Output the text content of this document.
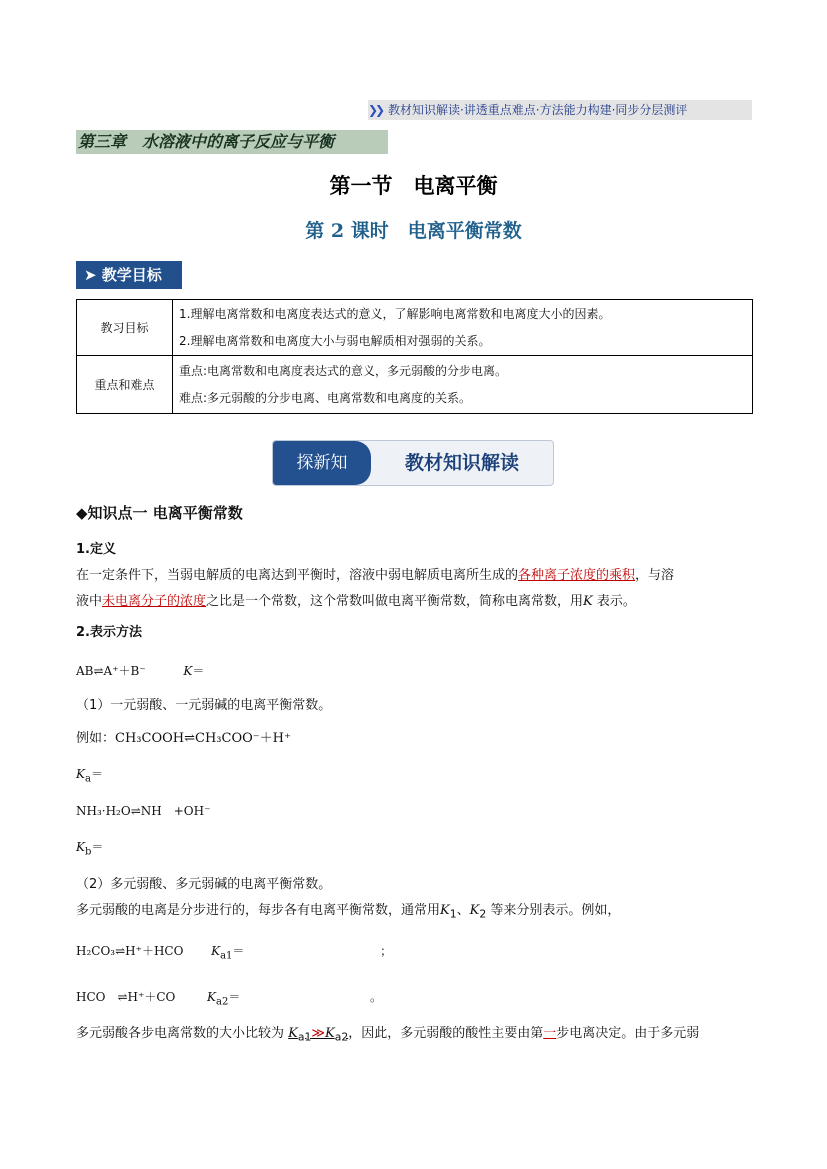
❯❯ 教材知识解读·讲透重点难点·方法能力构建·同步分层测评
第三章　水溶液中的离子反应与平衡
第一节　电离平衡
第 2 课时　电离平衡常数
➤ 教学目标
教习目标	1.理解电离常数和电离度表达式的意义，了解影响电离常数和电离度大小的因素。
2.理解电离常数和电离度大小与弱电解质相对强弱的关系。

重点和难点	重点:电离常数和电离度表达式的意义，多元弱酸的分步电离。
难点:多元弱酸的分步电离、电离常数和电离度的关系。
探新知	教材知识解读
◆知识点一 电离平衡常数
1.定义
在一定条件下，当弱电解质的电离达到平衡时，溶液中弱电解质电离所生成的各种离子浓度的乘积，与溶
液中未电离分子的浓度之比是一个常数，这个常数叫做电离平衡常数，简称电离常数，用K 表示。
2.表示方法
AB⇌A⁺＋B⁻	K＝
（1）一元弱酸、一元弱碱的电离平衡常数。
例如：CH₃COOH⇌CH₃COO⁻＋H⁺
$K_a=$
NH₃·H₂O⇌NH　+OH⁻
$K_b=$
（2）多元弱酸、多元弱碱的电离平衡常数。
多元弱酸的电离是分步进行的，每步各有电离平衡常数，通常用$K_1$、$K_2$ 等来分别表示。例如，
H₂CO₃⇌H⁺＋HCO $K_{a1}=$	；
HCO　⇌H⁺＋CO	$K_{a2}=$	。
多元弱酸各步电离常数的大小比较为 $K_{a1}≫K_{a2}$，因此，多元弱酸的酸性主要由第一步电离决定。由于多元弱
